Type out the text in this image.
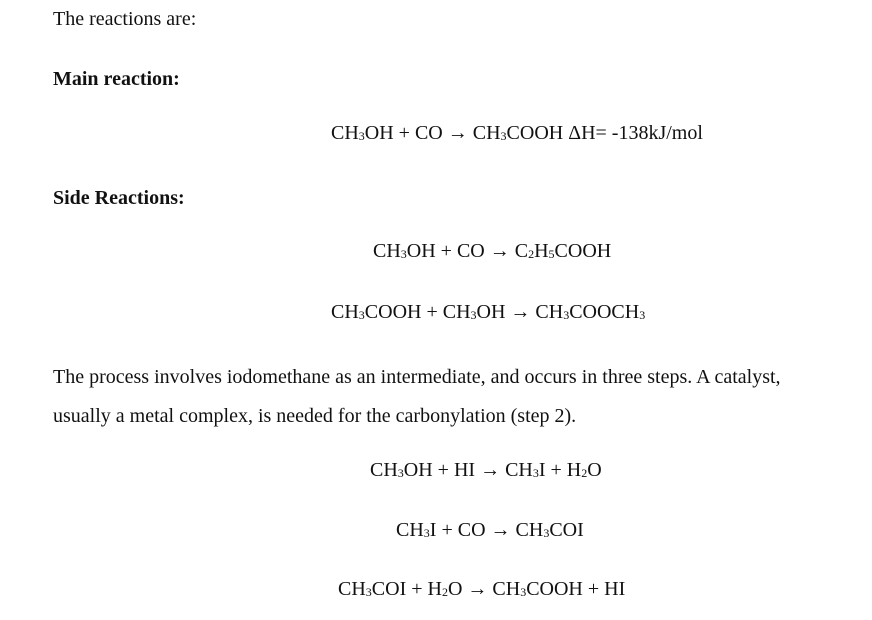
The reactions are:
Main reaction:
$CH_3OH$ + CO → $CH_3COOH$ ΔH= -138kJ/mol
Side Reactions:
$CH_3OH$ + CO → $C_2H_5COOH$
$CH_3COOH + CH_3OH$ → $CH_3COOCH_3$
The process involves iodomethane as an intermediate, and occurs in three steps. A catalyst,
usually a metal complex, is needed for the carbonylation (step 2).
$CH_3OH$ + HI → $CH_3I + H_2O$
$CH_3I$ + CO → $CH_3COI$
$CH_3COI + H_2O$ → $CH_3COOH$ + HI
